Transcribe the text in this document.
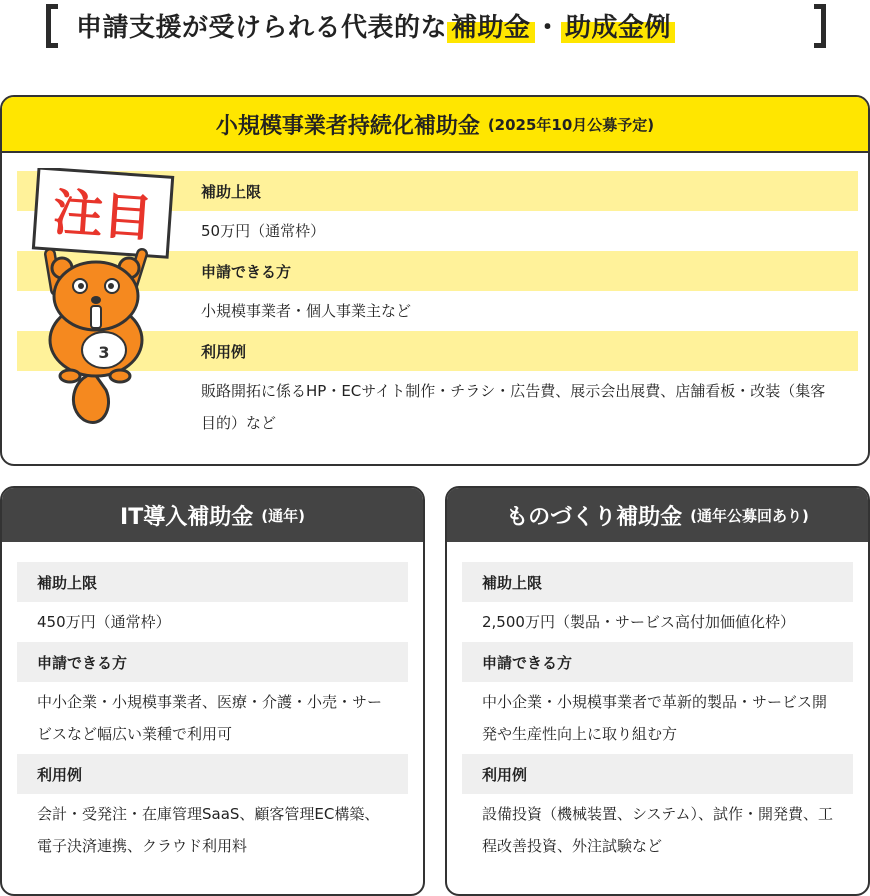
申請支援が受けられる代表的な 補助金 ・ 助成金例
小規模事業者持続化補助金 (2025年10月公募予定)
補助上限
50万円（通常枠）
申請できる方
小規模事業者・個人事業主など
利用例
販路開拓に係るHP・ECサイト制作・チラシ・広告費、展示会出展費、店舗看板・改装（集客目的）など
注目
3
IT導入補助金 (通年)
補助上限
450万円（通常枠）
申請できる方
中小企業・小規模事業者、医療・介護・小売・サービスなど幅広い業種で利用可
利用例
会計・受発注・在庫管理SaaS、顧客管理EC構築、電子決済連携、クラウド利用料
ものづくり補助金 (通年公募回あり)
補助上限
2,500万円（製品・サービス高付加価値化枠）
申請できる方
中小企業・小規模事業者で革新的製品・サービス開発や生産性向上に取り組む方
利用例
設備投資（機械装置、システム）、試作・開発費、工程改善投資、外注試験など
